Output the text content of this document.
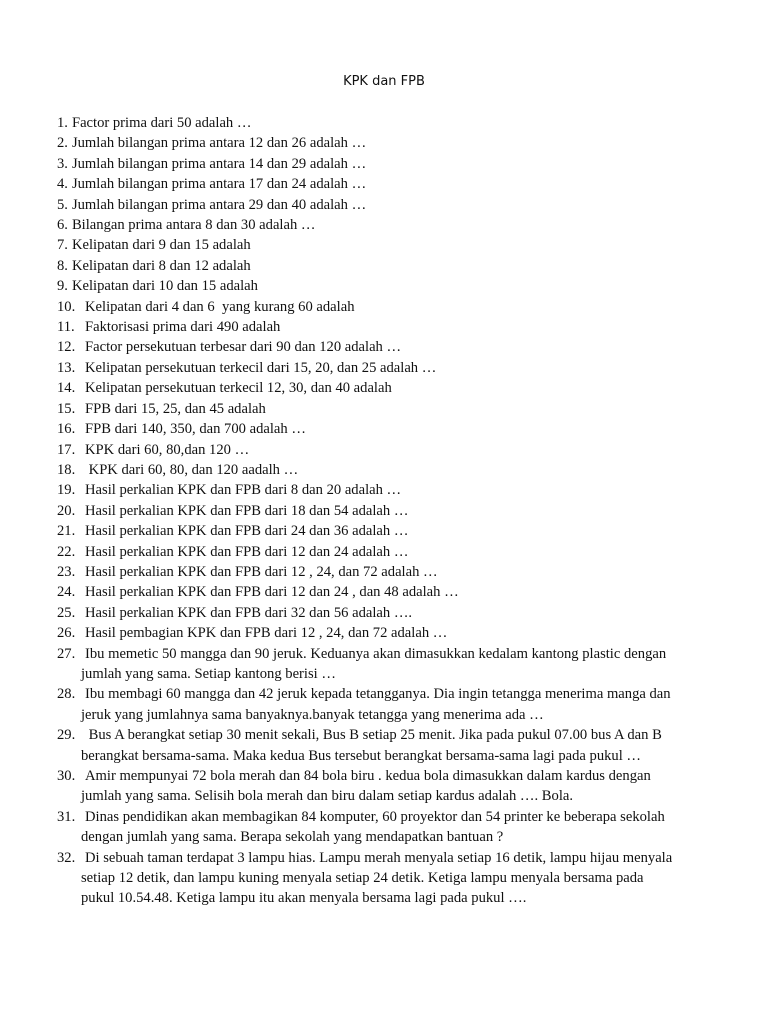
KPK dan FPB
1. Factor prima dari 50 adalah …
2. Jumlah bilangan prima antara 12 dan 26 adalah …
3. Jumlah bilangan prima antara 14 dan 29 adalah …
4. Jumlah bilangan prima antara 17 dan 24 adalah …
5. Jumlah bilangan prima antara 29 dan 40 adalah …
6. Bilangan prima antara 8 dan 30 adalah …
7. Kelipatan dari 9 dan 15 adalah
8. Kelipatan dari 8 dan 12 adalah
9. Kelipatan dari 10 dan 15 adalah
10. Kelipatan dari 4 dan 6  yang kurang 60 adalah
11. Faktorisasi prima dari 490 adalah
12. Factor persekutuan terbesar dari 90 dan 120 adalah …
13. Kelipatan persekutuan terkecil dari 15, 20, dan 25 adalah …
14. Kelipatan persekutuan terkecil 12, 30, dan 40 adalah
15. FPB dari 15, 25, dan 45 adalah
16. FPB dari 140, 350, dan 700 adalah …
17. KPK dari 60, 80,dan 120 …
18. KPK dari 60, 80, dan 120 aadalh …
19. Hasil perkalian KPK dan FPB dari 8 dan 20 adalah …
20. Hasil perkalian KPK dan FPB dari 18 dan 54 adalah …
21. Hasil perkalian KPK dan FPB dari 24 dan 36 adalah …
22. Hasil perkalian KPK dan FPB dari 12 dan 24 adalah …
23. Hasil perkalian KPK dan FPB dari 12 , 24, dan 72 adalah …
24. Hasil perkalian KPK dan FPB dari 12 dan 24 , dan 48 adalah …
25. Hasil perkalian KPK dan FPB dari 32 dan 56 adalah ….
26. Hasil pembagian KPK dan FPB dari 12 , 24, dan 72 adalah …
27. Ibu memetic 50 mangga dan 90 jeruk. Keduanya akan dimasukkan kedalam kantong plastic dengan
jumlah yang sama. Setiap kantong berisi …
28. Ibu membagi 60 mangga dan 42 jeruk kepada tetangganya. Dia ingin tetangga menerima manga dan
jeruk yang jumlahnya sama banyaknya.banyak tetangga yang menerima ada …
29. Bus A berangkat setiap 30 menit sekali, Bus B setiap 25 menit. Jika pada pukul 07.00 bus A dan B
berangkat bersama-sama. Maka kedua Bus tersebut berangkat bersama-sama lagi pada pukul …
30. Amir mempunyai 72 bola merah dan 84 bola biru . kedua bola dimasukkan dalam kardus dengan
jumlah yang sama. Selisih bola merah dan biru dalam setiap kardus adalah …. Bola.
31. Dinas pendidikan akan membagikan 84 komputer, 60 proyektor dan 54 printer ke beberapa sekolah
dengan jumlah yang sama. Berapa sekolah yang mendapatkan bantuan ?
32. Di sebuah taman terdapat 3 lampu hias. Lampu merah menyala setiap 16 detik, lampu hijau menyala
setiap 12 detik, dan lampu kuning menyala setiap 24 detik. Ketiga lampu menyala bersama pada
pukul 10.54.48. Ketiga lampu itu akan menyala bersama lagi pada pukul ….
